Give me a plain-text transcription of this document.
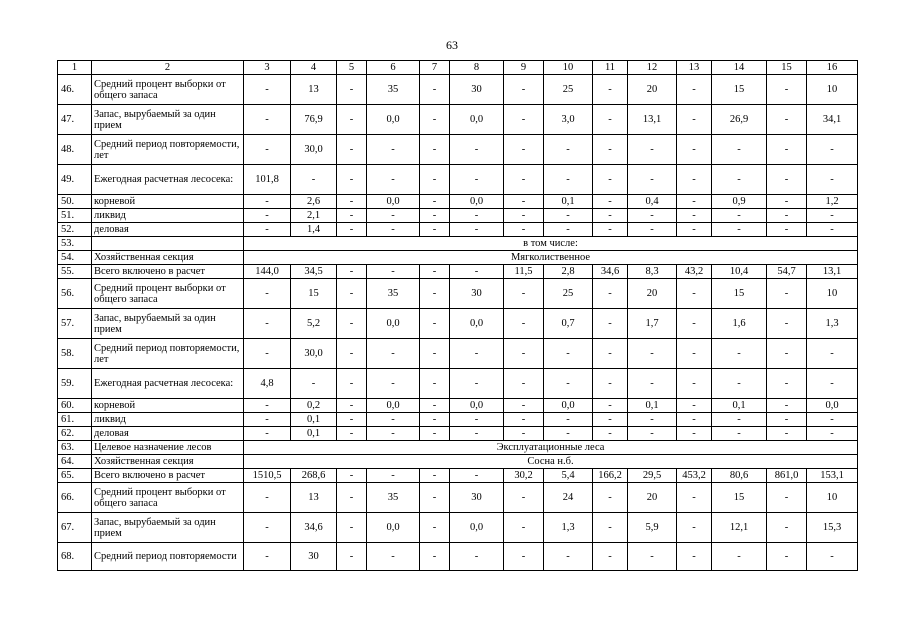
63
1	2	3	4	5	6	7	8	9	10	11	12	13	14	15	16
46.	Средний процент выборки от общего запаса	-	13	-	35	-	30	-	25	-	20	-	15	-	10
47.	Запас, вырубаемый за один прием	-	76,9	-	0,0	-	0,0	-	3,0	-	13,1	-	26,9	-	34,1
48.	Средний период повторяемости, лет	-	30,0	-	-	-	-	-	-	-	-	-	-	-	-
49.	Ежегодная расчетная лесосека:	101,8	-	-	-	-	-	-	-	-	-	-	-	-	-
50.	корневой	-	2,6	-	0,0	-	0,0	-	0,1	-	0,4	-	0,9	-	1,2
51.	ликвид	-	2,1	-	-	-	-	-	-	-	-	-	-	-	-
52.	деловая	-	1,4	-	-	-	-	-	-	-	-	-	-	-	-
53.		в том числе:													
54.	Хозяйственная секция	Мягколиственное													
55.	Всего включено в расчет	144,0	34,5	-	-	-	-	11,5	2,8	34,6	8,3	43,2	10,4	54,7	13,1
56.	Средний процент выборки от общего запаса	-	15	-	35	-	30	-	25	-	20	-	15	-	10
57.	Запас, вырубаемый за один прием	-	5,2	-	0,0	-	0,0	-	0,7	-	1,7	-	1,6	-	1,3
58.	Средний период повторяемости, лет	-	30,0	-	-	-	-	-	-	-	-	-	-	-	-
59.	Ежегодная расчетная лесосека:	4,8	-	-	-	-	-	-	-	-	-	-	-	-	-
60.	корневой	-	0,2	-	0,0	-	0,0	-	0,0	-	0,1	-	0,1	-	0,0
61.	ликвид	-	0,1	-	-	-	-	-	-	-	-	-	-	-	-
62.	деловая	-	0,1	-	-	-	-	-	-	-	-	-	-	-	-
63.	Целевое назначение лесов	Эксплуатационные леса													
64.	Хозяйственная секция	Сосна н.б.													
65.	Всего включено в расчет	1510,5	268,6	-	-	-	-	30,2	5,4	166,2	29,5	453,2	80,6	861,0	153,1
66.	Средний процент выборки от общего запаса	-	13	-	35	-	30	-	24	-	20	-	15	-	10
67.	Запас, вырубаемый за один прием	-	34,6	-	0,0	-	0,0	-	1,3	-	5,9	-	12,1	-	15,3
68.	Средний период повторяемости	-	30	-	-	-	-	-	-	-	-	-	-	-	-
